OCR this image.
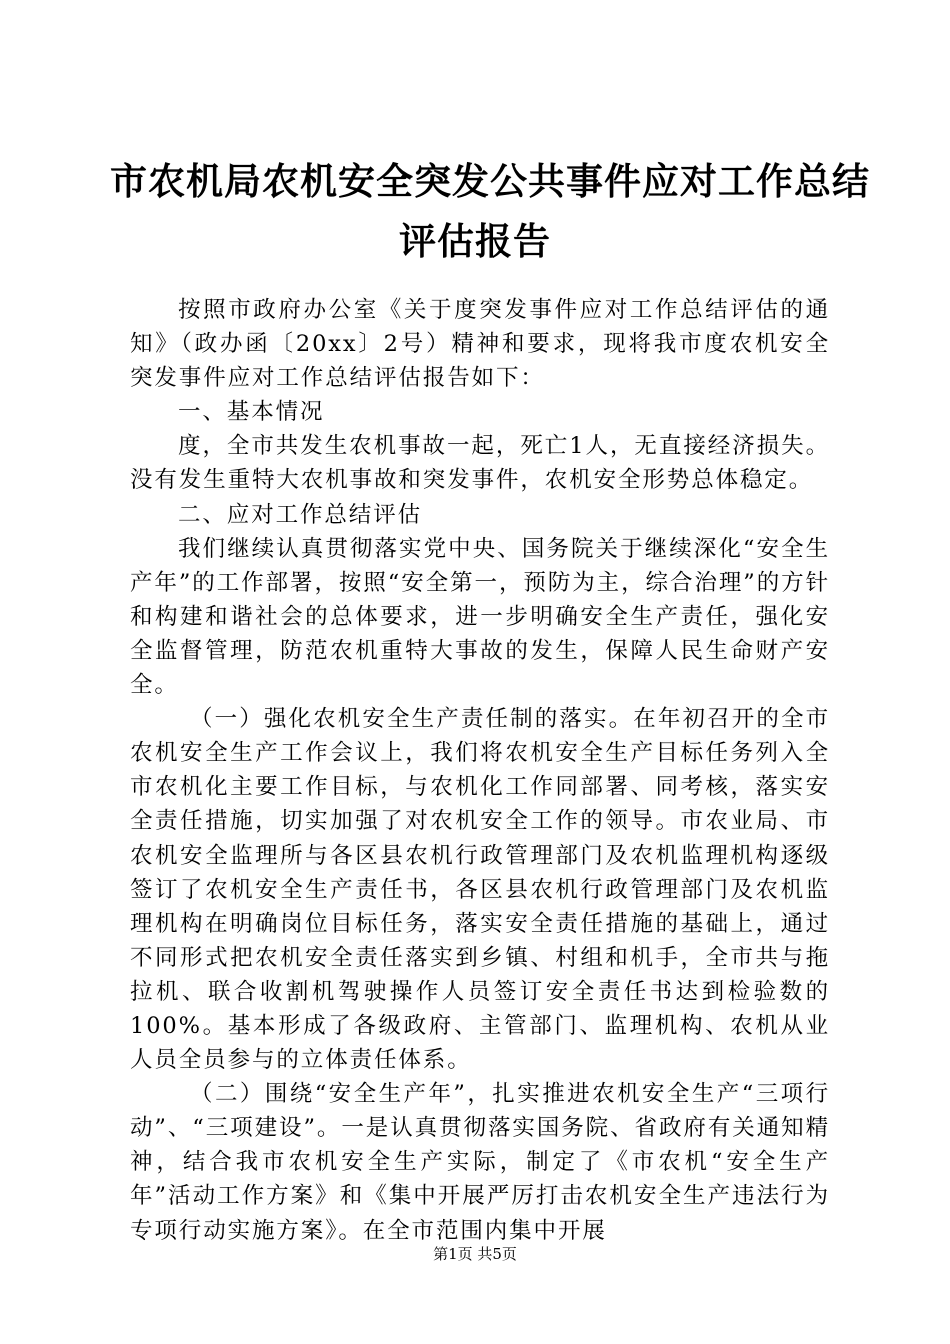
市农机局农机安全突发公共事件应对工作总结
评估报告

按照市政府办公室《关于度突发事件应对工作总结评估的通知》（政办函〔20xx〕2号）精神和要求，现将我市度农机安全突发事件应对工作总结评估报告如下：

一、基本情况

度，全市共发生农机事故一起，死亡1人，无直接经济损失。没有发生重特大农机事故和突发事件，农机安全形势总体稳定。

二、应对工作总结评估

我们继续认真贯彻落实党中央、国务院关于继续深化“安全生产年”的工作部署，按照“安全第一，预防为主，综合治理”的方针和构建和谐社会的总体要求，进一步明确安全生产责任，强化安全监督管理，防范农机重特大事故的发生，保障人民生命财产安全。

（一）强化农机安全生产责任制的落实。在年初召开的全市农机安全生产工作会议上，我们将农机安全生产目标任务列入全市农机化主要工作目标，与农机化工作同部署、同考核，落实安全责任措施，切实加强了对农机安全工作的领导。市农业局、市农机安全监理所与各区县农机行政管理部门及农机监理机构逐级签订了农机安全生产责任书，各区县农机行政管理部门及农机监理机构在明确岗位目标任务，落实安全责任措施的基础上，通过不同形式把农机安全责任落实到乡镇、村组和机手，全市共与拖拉机、联合收割机驾驶操作人员签订安全责任书达到检验数的100%。基本形成了各级政府、主管部门、监理机构、农机从业人员全员参与的立体责任体系。

（二）围绕“安全生产年”，扎实推进农机安全生产“三项行动”、“三项建设”。一是认真贯彻落实国务院、省政府有关通知精神，结合我市农机安全生产实际，制定了《市农机“安全生产年”活动工作方案》和《集中开展严厉打击农机安全生产违法行为专项行动实施方案》。在全市范围内集中开展

第1页 共5页
